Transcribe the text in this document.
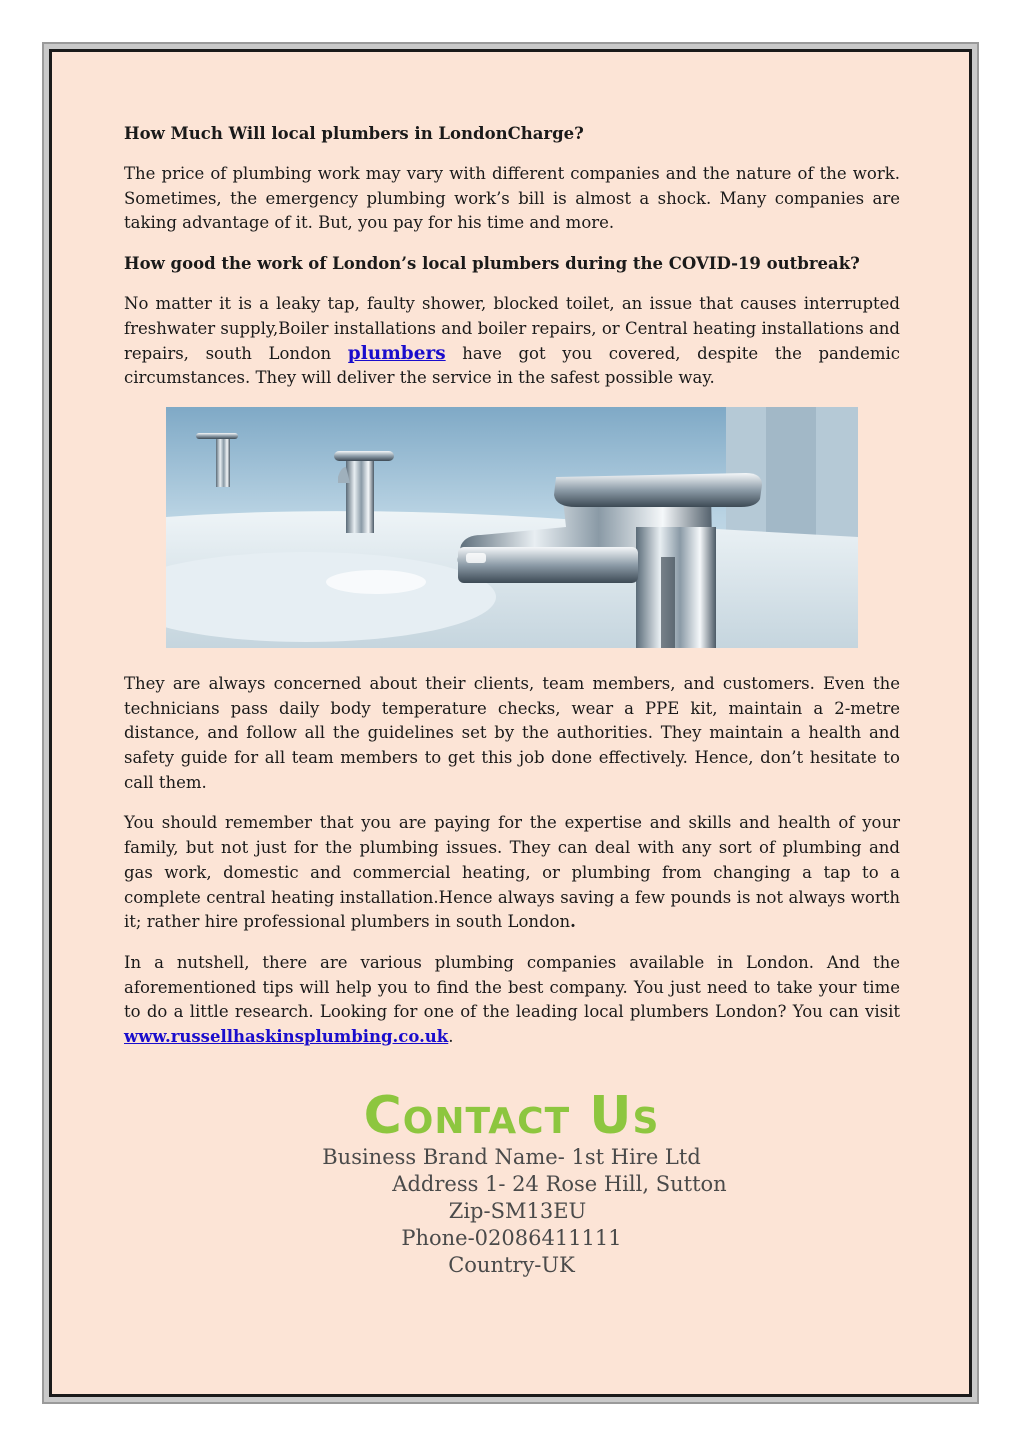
How Much Will local plumbers in LondonCharge?

The price of plumbing work may vary with different companies and the nature of the work. Sometimes, the emergency plumbing work’s bill is almost a shock. Many companies are taking advantage of it. But, you pay for his time and more.

How good the work of London’s local plumbers during the COVID-19 outbreak?

No matter it is a leaky tap, faulty shower, blocked toilet, an issue that causes interrupted freshwater supply,Boiler installations and boiler repairs, or Central heating installations and repairs, south London plumbers have got you covered, despite the pandemic circumstances. They will deliver the service in the safest possible way.

They are always concerned about their clients, team members, and customers. Even the technicians pass daily body temperature checks, wear a PPE kit, maintain a 2-metre distance, and follow all the guidelines set by the authorities. They maintain a health and safety guide for all team members to get this job done effectively. Hence, don’t hesitate to call them.

You should remember that you are paying for the expertise and skills and health of your family, but not just for the plumbing issues. They can deal with any sort of plumbing and gas work, domestic and commercial heating, or plumbing from changing a tap to a complete central heating installation.Hence always saving a few pounds is not always worth it; rather hire professional plumbers in south London.

In a nutshell, there are various plumbing companies available in London. And the aforementioned tips will help you to find the best company. You just need to take your time to do a little research. Looking for one of the leading local plumbers London? You can visit www.russellhaskinsplumbing.co.uk.

Contact Us
Business Brand Name- 1st Hire Ltd
Address 1- 24 Rose Hill, Sutton
Zip-SM13EU
Phone-02086411111
Country-UK
